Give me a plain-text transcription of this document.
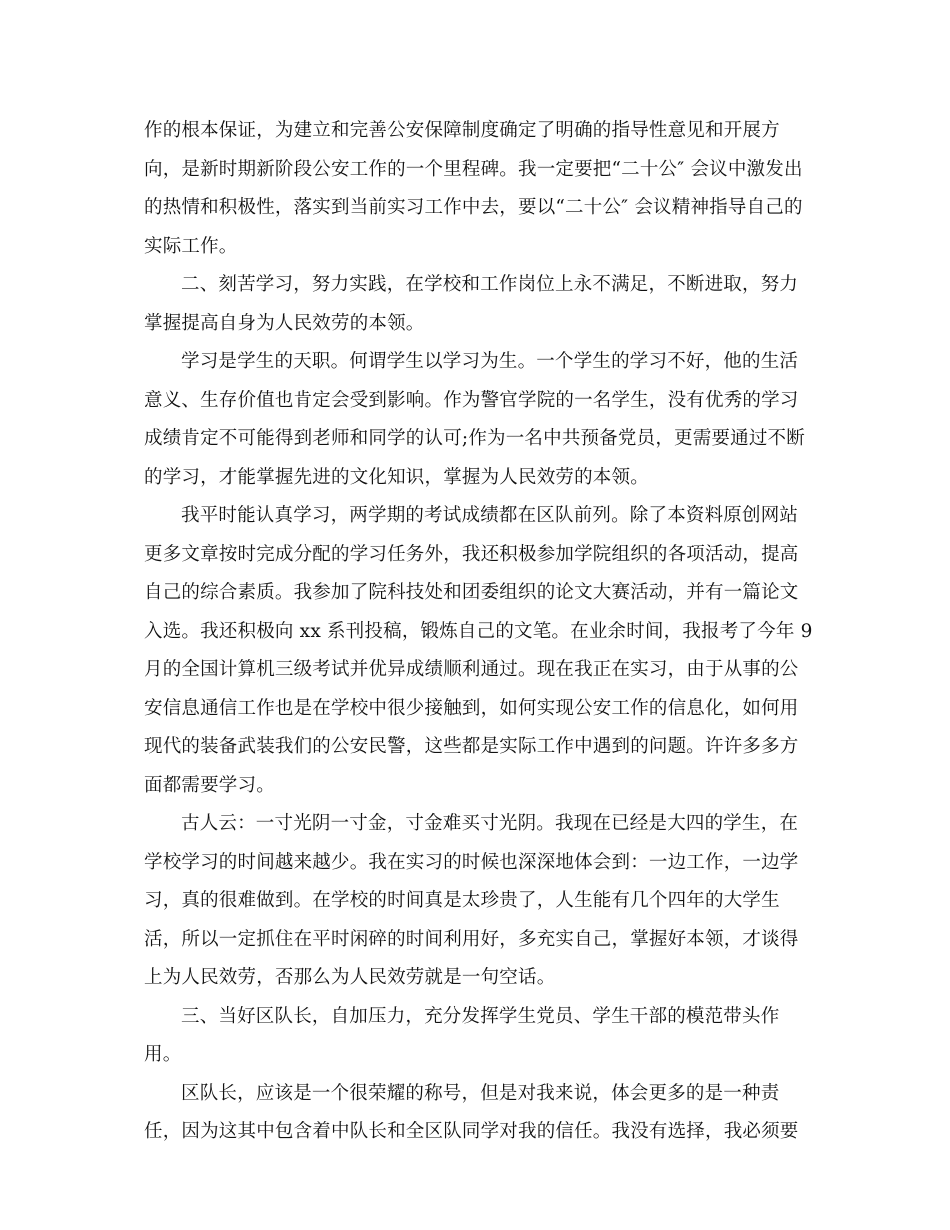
作的根本保证，为建立和完善公安保障制度确定了明确的指导性意见和开展方
向，是新时期新阶段公安工作的一个里程碑。我一定要把“二十公″ 会议中激发出
的热情和积极性，落实到当前实习工作中去，要以“二十公″ 会议精神指导自己的
实际工作。
二、刻苦学习，努力实践，在学校和工作岗位上永不满足，不断进取，努力
掌握提高自身为人民效劳的本领。
学习是学生的天职。何谓学生以学习为生。一个学生的学习不好，他的生活
意义、生存价值也肯定会受到影响。作为警官学院的一名学生，没有优秀的学习
成绩肯定不可能得到老师和同学的认可;作为一名中共预备党员，更需要通过不断
的学习，才能掌握先进的文化知识，掌握为人民效劳的本领。
我平时能认真学习，两学期的考试成绩都在区队前列。除了本资料原创网站
更多文章按时完成分配的学习任务外，我还积极参加学院组织的各项活动，提高
自己的综合素质。我参加了院科技处和团委组织的论文大赛活动，并有一篇论文
入选。我还积极向 xx 系刊投稿，锻炼自己的文笔。在业余时间，我报考了今年 9
月的全国计算机三级考试并优异成绩顺利通过。现在我正在实习，由于从事的公
安信息通信工作也是在学校中很少接触到，如何实现公安工作的信息化，如何用
现代的装备武装我们的公安民警，这些都是实际工作中遇到的问题。许许多多方
面都需要学习。
古人云：一寸光阴一寸金，寸金难买寸光阴。我现在已经是大四的学生，在
学校学习的时间越来越少。我在实习的时候也深深地体会到：一边工作，一边学
习，真的很难做到。在学校的时间真是太珍贵了，人生能有几个四年的大学生
活，所以一定抓住在平时闲碎的时间利用好，多充实自己，掌握好本领，才谈得
上为人民效劳，否那么为人民效劳就是一句空话。
三、当好区队长，自加压力，充分发挥学生党员、学生干部的模范带头作
用。
区队长，应该是一个很荣耀的称号，但是对我来说，体会更多的是一种责
任，因为这其中包含着中队长和全区队同学对我的信任。我没有选择，我必须要
